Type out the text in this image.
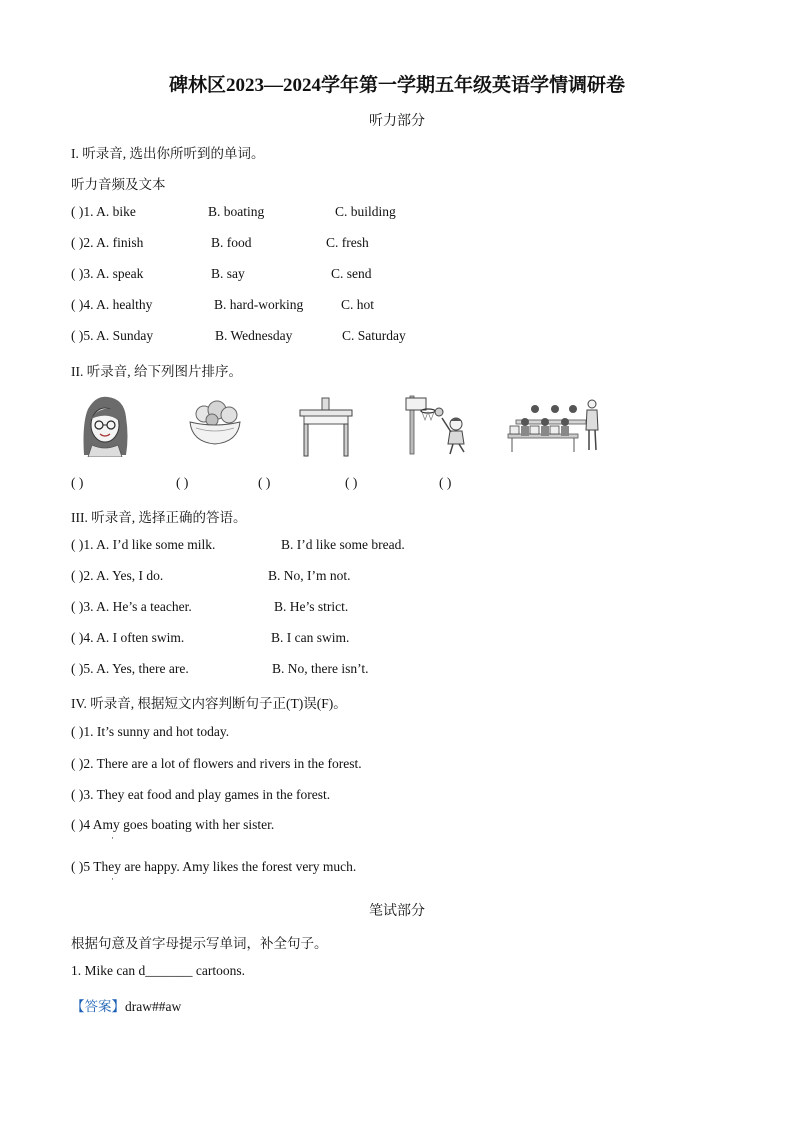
碑林区2023—2024学年第一学期五年级英语学情调研卷
听力部分
I. 听录音, 选出你所听到的单词。
听力音频及文本
( )1. A. bike	B. boating	C. building
( )2. A. finish	B. food	C. fresh
( )3. A. speak	B. say	C. send
( )4. A. healthy	B. hard-working	C. hot
( )5. A. Sunday	B. Wednesday	C. Saturday
II. 听录音, 给下列图片排序。
( )	( )	( )	( )	( )
III. 听录音, 选择正确的答语。
( )1. A. I’d like some milk.	B. I’d like some bread.
( )2. A. Yes, I do.	B. No, I’m not.
( )3. A. He’s a teacher.	B. He’s strict.
( )4. A. I often swim.	B. I can swim.
( )5. A. Yes, there are.	B. No, there isn’t.
IV. 听录音, 根据短文内容判断句子正(T)误(F)。
( )1. It’s sunny and hot today.
( )2. There are a lot of flowers and rivers in the forest.
( )3. They eat food and play games in the forest.
( )4 Amy goes boating with her sister.
·
( )5 They are happy. Amy likes the forest very much.
·
笔试部分
根据句意及首字母提示写单词，补全句子。
1. Mike can d_______ cartoons.
【答案】draw##aw
